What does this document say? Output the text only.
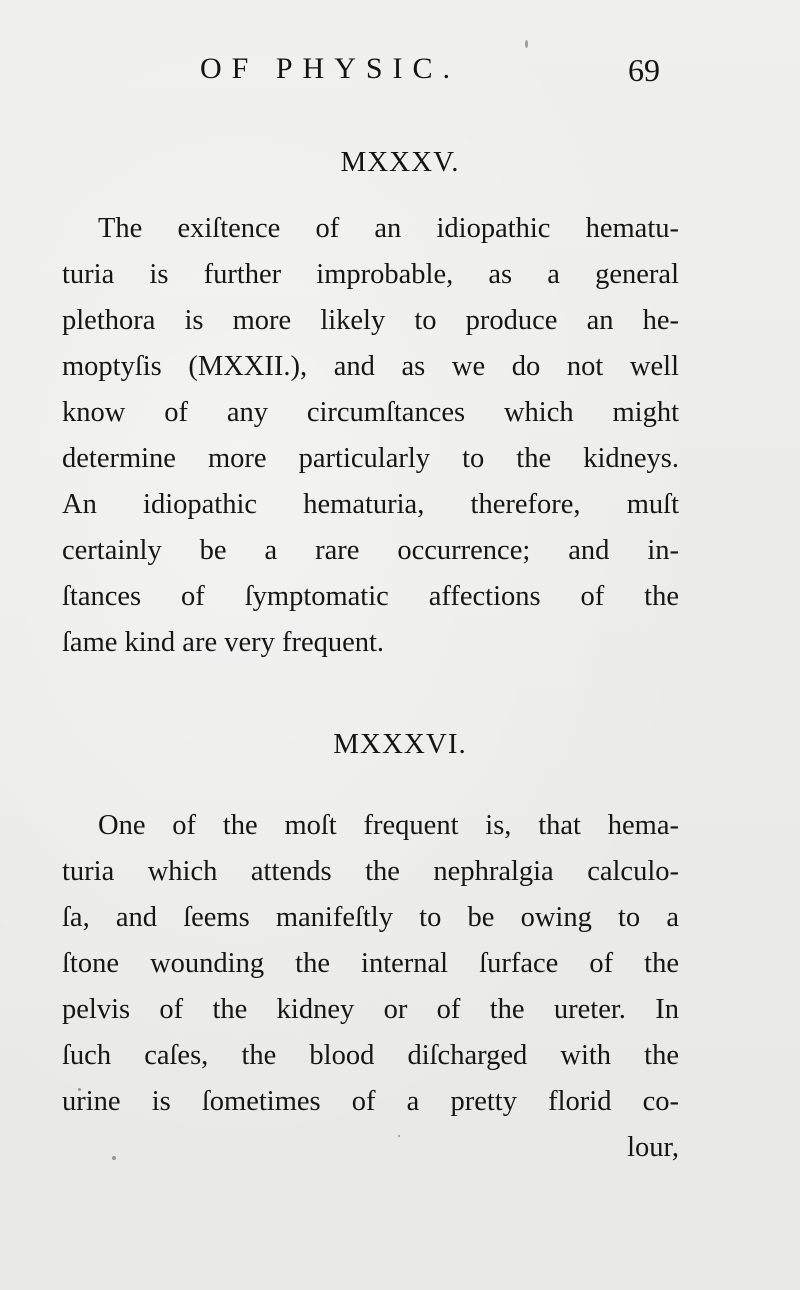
OF PHYSIC.	69
MXXXV.
The exiſtence of an idiopathic hematu-
turia is further improbable, as a general
plethora is more likely to produce an he-
moptyſis (MXXII.), and as we do not well
know of any circumſtances which might
determine more particularly to the kidneys.
An idiopathic hematuria, therefore, muſt
certainly be a rare occurrence; and in-
ſtances of ſymptomatic affections of the
ſame kind are very frequent.
MXXXVI.
One of the moſt frequent is, that hema-
turia which attends the nephralgia calculo-
ſa, and ſeems manifeſtly to be owing to a
ſtone wounding the internal ſurface of the
pelvis of the kidney or of the ureter. In
ſuch caſes, the blood diſcharged with the
urine is ſometimes of a pretty florid co-
lour,
